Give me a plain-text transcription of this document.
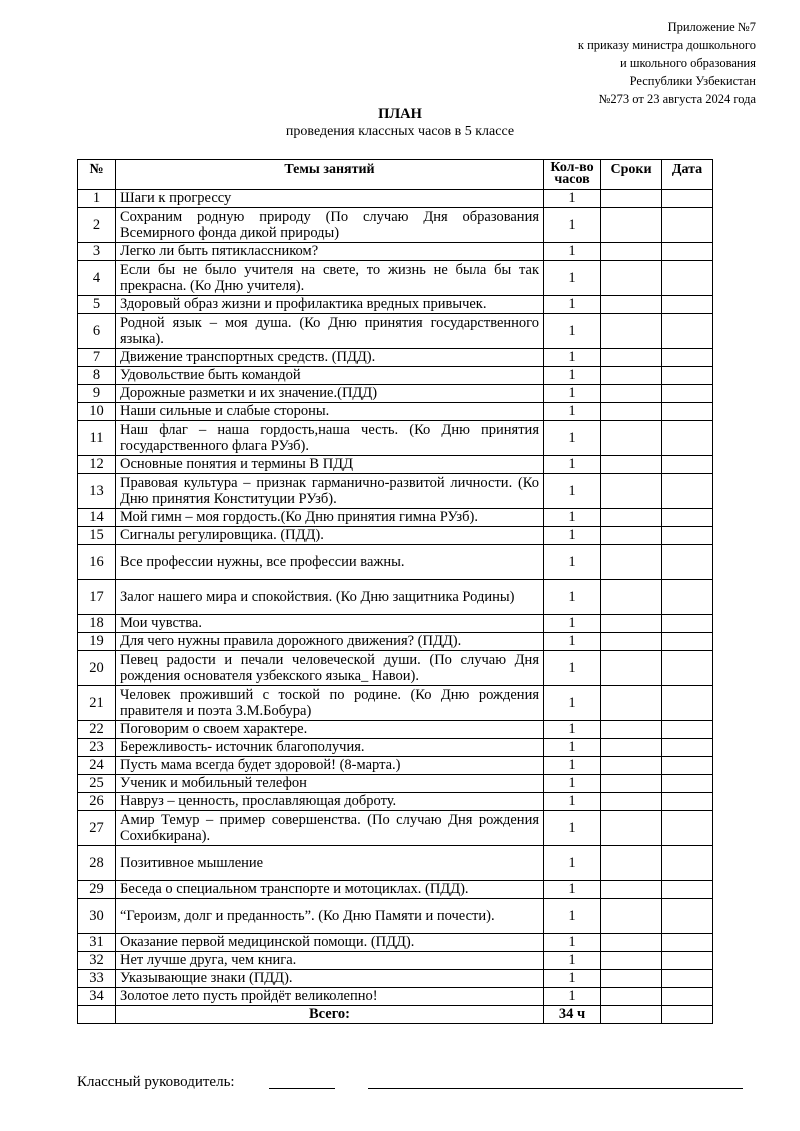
Приложение №7
к приказу министра дошкольного
и школьного образования
Республики Узбекистан
№273 от 23 августа 2024 года
ПЛАН
проведения классных часов в 5 классе
№	Темы занятий	Кол-во часов	Сроки	Дата
1	Шаги к прогрессу	1		
2	Сохраним родную природу (По случаю Дня образования Всемирного фонда дикой природы)	1		
3	Легко ли быть пятиклассником?	1		
4	Если бы не было учителя на свете, то жизнь не была бы так прекрасна. (Ко Дню учителя).	1		
5	Здоровый образ жизни и профилактика вредных привычек.	1		
6	Родной язык – моя душа. (Ко Дню принятия государственного языка).	1		
7	Движение транспортных средств. (ПДД).	1		
8	Удовольствие быть командой	1		
9	Дорожные разметки и их значение.(ПДД)	1		
10	Наши сильные и слабые стороны.	1		
11	Наш флаг – наша гордость,наша честь. (Ко Дню принятия государственного флага РУзб).	1		
12	Основные понятия и термины В ПДД	1		
13	Правовая культура – признак гарманично-развитой личности. (Ко Дню принятия Конституции РУзб).	1		
14	Мой гимн – моя гордость.(Ко Дню принятия гимна РУзб).	1		
15	Сигналы регулировщика. (ПДД).	1		
16	Все профессии нужны, все профессии важны.	1		
17	Залог нашего мира и спокойствия. (Ко Дню защитника Родины)	1		
18	Мои чувства.	1		
19	Для чего нужны правила дорожного движения? (ПДД).	1		
20	Певец радости и печали человеческой души. (По случаю Дня рождения основателя узбекского языка_ Навои).	1		
21	Человек проживший с тоской по родине. (Ко Дню рождения правителя и поэта З.М.Бобура)	1		
22	Поговорим о своем характере.	1		
23	Бережливость- источник благополучия.	1		
24	Пусть мама всегда будет здоровой! (8-марта.)	1		
25	Ученик и мобильный телефон	1		
26	Навруз – ценность, прославляющая доброту.	1		
27	Амир Темур – пример совершенства. (По случаю Дня рождения Сохибкирана).	1		
28	Позитивное мышление	1		
29	Беседа о специальном транспорте и мотоциклах. (ПДД).	1		
30	“Героизм, долг и преданность”. (Ко Дню Памяти и почести).	1		
31	Оказание первой медицинской помощи. (ПДД).	1		
32	Нет лучше друга, чем книга.	1		
33	Указывающие знаки (ПДД).	1		
34	Золотое лето пусть пройдёт великолепно!	1		
	Всего:	34 ч		
Классный руководитель:
